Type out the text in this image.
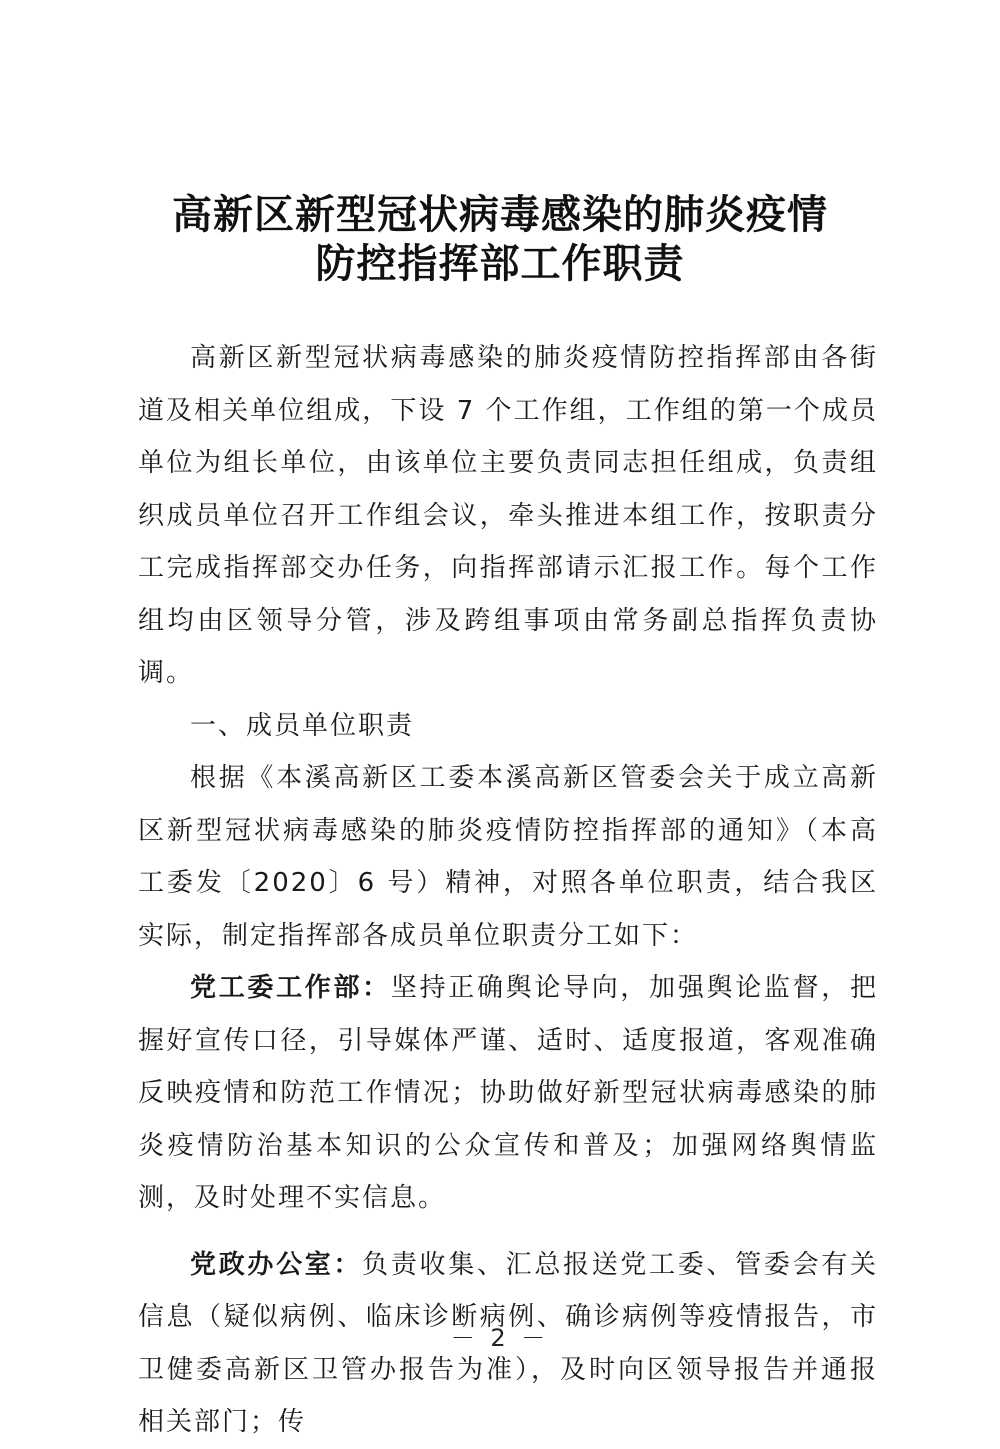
高新区新型冠状病毒感染的肺炎疫情
防控指挥部工作职责

高新区新型冠状病毒感染的肺炎疫情防控指挥部由各街道及相关单位组成，下设 7 个工作组，工作组的第一个成员单位为组长单位，由该单位主要负责同志担任组成，负责组织成员单位召开工作组会议，牵头推进本组工作，按职责分工完成指挥部交办任务，向指挥部请示汇报工作。每个工作组均由区领导分管，涉及跨组事项由常务副总指挥负责协调。

一、成员单位职责

根据《本溪高新区工委本溪高新区管委会关于成立高新区新型冠状病毒感染的肺炎疫情防控指挥部的通知》（本高工委发〔2020〕6 号）精神，对照各单位职责，结合我区实际，制定指挥部各成员单位职责分工如下：

党工委工作部：坚持正确舆论导向，加强舆论监督，把握好宣传口径，引导媒体严谨、适时、适度报道，客观准确反映疫情和防范工作情况；协助做好新型冠状病毒感染的肺炎疫情防治基本知识的公众宣传和普及；加强网络舆情监测，及时处理不实信息。

党政办公室：负责收集、汇总报送党工委、管委会有关信息（疑似病例、临床诊断病例、确诊病例等疫情报告，市卫健委高新区卫管办报告为准），及时向区领导报告并通报相关部门；传

－ 2 －
